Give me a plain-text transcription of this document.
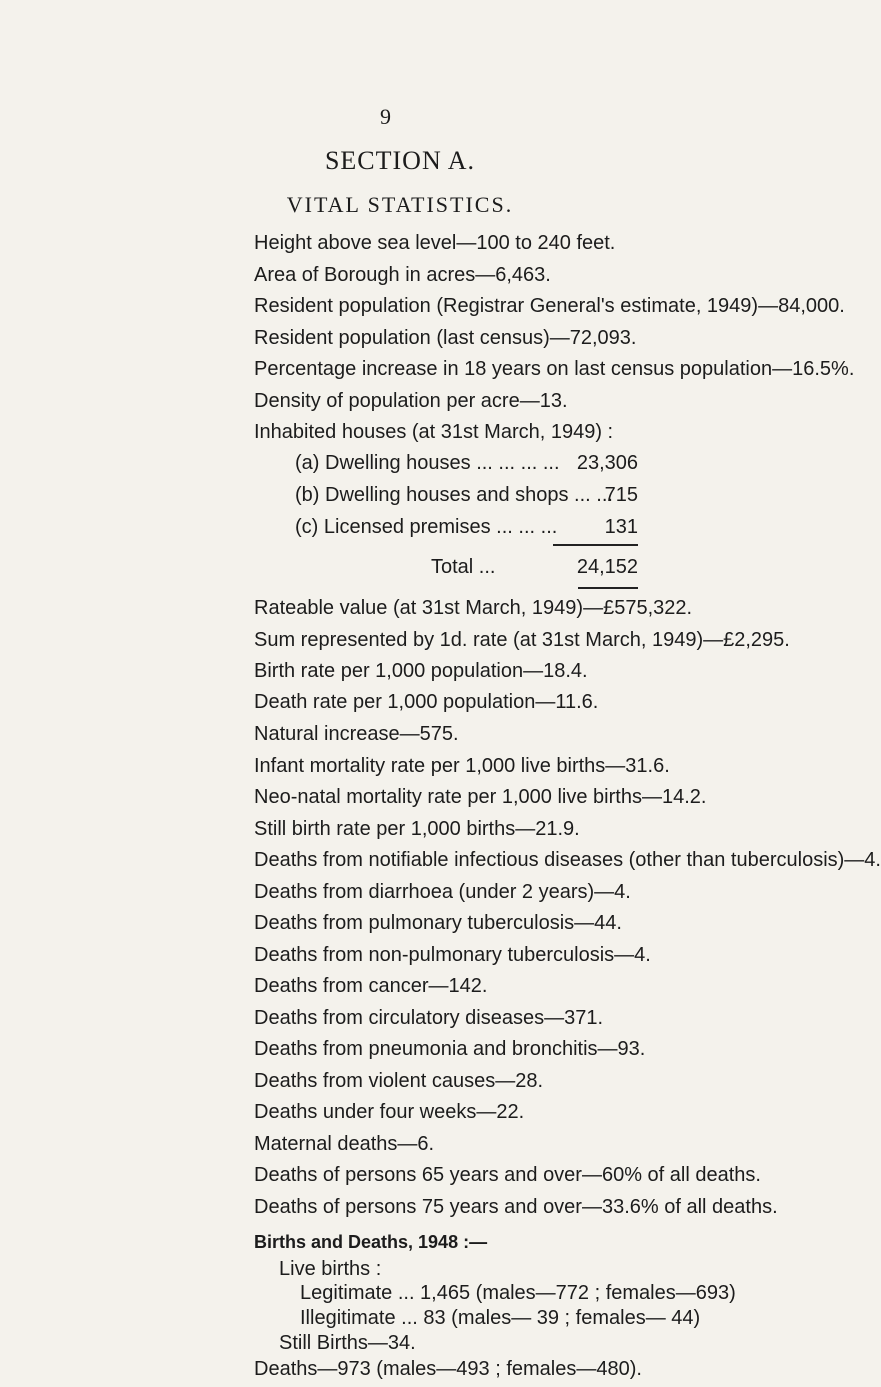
9
SECTION A.
VITAL STATISTICS.
Height above sea level—100 to 240 feet.
Area of Borough in acres—6,463.
Resident population (Registrar General's estimate, 1949)—84,000.
Resident population (last census)—72,093.
Percentage increase in 18 years on last census population—16.5%.
Density of population per acre—13.
Inhabited houses (at 31st March, 1949) :
(a) Dwelling houses ... ... ... ... 23,306
(b) Dwelling houses and shops ... ...
715
(c) Licensed premises ... ... ...	131
Total ...	24,152
Rateable value (at 31st March, 1949)—£575,322.
Sum represented by 1d. rate (at 31st March, 1949)—£2,295.
Birth rate per 1,000 population—18.4.
Death rate per 1,000 population—11.6.
Natural increase—575.
Infant mortality rate per 1,000 live births—31.6.
Neo-natal mortality rate per 1,000 live births—14.2.
Still birth rate per 1,000 births—21.9.
Deaths from notifiable infectious diseases (other than tuberculosis)—4.
Deaths from diarrhoea (under 2 years)—4.
Deaths from pulmonary tuberculosis—44.
Deaths from non-pulmonary tuberculosis—4.
Deaths from cancer—142.
Deaths from circulatory diseases—371.
Deaths from pneumonia and bronchitis—93.
Deaths from violent causes—28.
Deaths under four weeks—22.
Maternal deaths—6.
Deaths of persons 65 years and over—60% of all deaths.
Deaths of persons 75 years and over—33.6% of all deaths.
Births and Deaths, 1948 :—
Live births :
Legitimate ... 1,465 (males—772 ; females—693)
Illegitimate ... 83 (males— 39 ; females— 44)
Still Births—34.
Deaths—973 (males—493 ; females—480).
